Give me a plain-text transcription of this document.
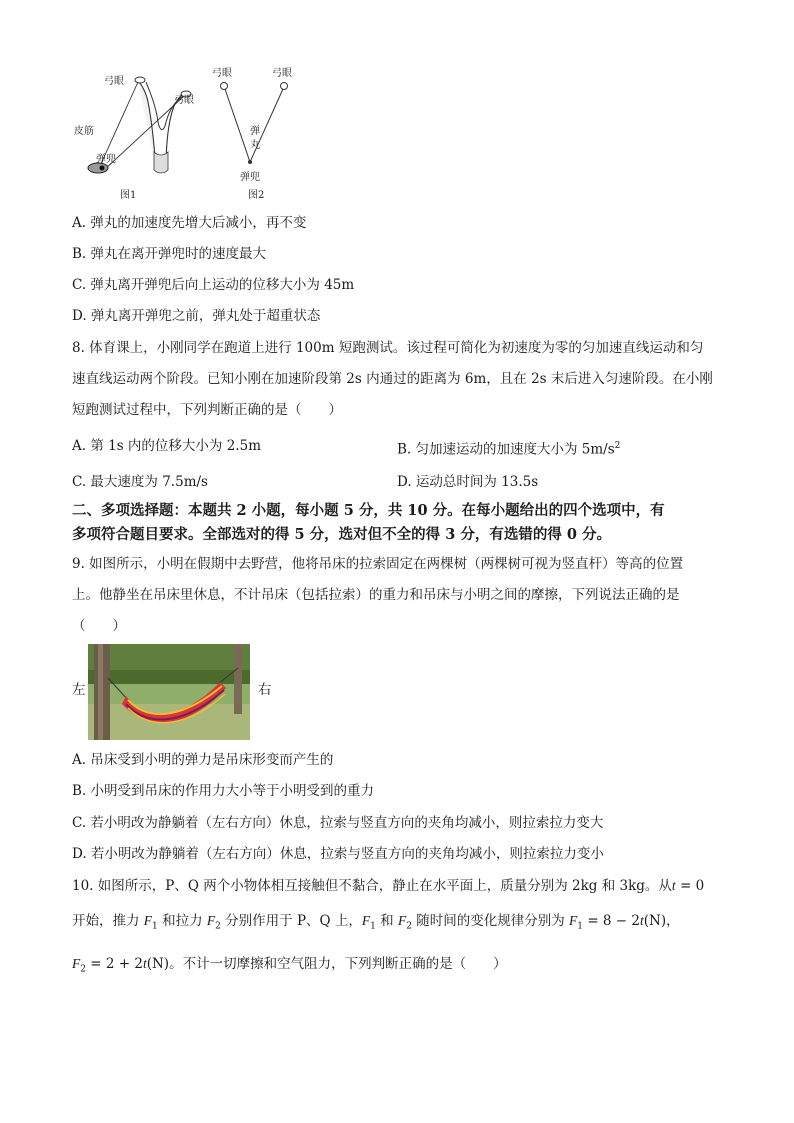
弓眼
弓眼
皮筋
弹兜
图1
弓眼	弓眼
弹
丸
弹兜
图2
A. 弹丸的加速度先增大后减小，再不变
B. 弹丸在离开弹兜时的速度最大
C. 弹丸离开弹兜后向上运动的位移大小为 45m
D. 弹丸离开弹兜之前，弹丸处于超重状态
8. 体育课上，小刚同学在跑道上进行 100m 短跑测试。该过程可简化为初速度为零的匀加速直线运动和匀
速直线运动两个阶段。已知小刚在加速阶段第 2s 内通过的距离为 6m，且在 2s 末后进入匀速阶段。在小刚
短跑测试过程中，下列判断正确的是（　　）
A. 第 1s 内的位移大小为 2.5m	B. 匀加速运动的加速度大小为 $5m/s^2$
C. 最大速度为 7.5m/s	D. 运动总时间为 13.5s
二、多项选择题：本题共 2 小题，每小题 5 分，共 10 分。在每小题给出的四个选项中，有
多项符合题目要求。全部选对的得 5 分，选对但不全的得 3 分，有选错的得 0 分。
9. 如图所示，小明在假期中去野营，他将吊床的拉索固定在两棵树（两棵树可视为竖直杆）等高的位置
上。他静坐在吊床里休息，不计吊床（包括拉索）的重力和吊床与小明之间的摩擦，下列说法正确的是
（　　）
左	右
A. 吊床受到小明的弹力是吊床形变而产生的
B. 小明受到吊床的作用力大小等于小明受到的重力
C. 若小明改为静躺着（左右方向）休息，拉索与竖直方向的夹角均减小，则拉索拉力变大
D. 若小明改为静躺着（左右方向）休息，拉索与竖直方向的夹角均减小，则拉索拉力变小
10. 如图所示，P、Q 两个小物体相互接触但不黏合，静止在水平面上，质量分别为 2kg 和 3kg。从t = 0
开始，推力 $F_1$ 和拉力 $F_2$ 分别作用于 P、Q 上，$F_1$ 和 $F_2$ 随时间的变化规律分别为 $F_1 = 8 - 2t(N)$，
$F_2 = 2 + 2t(N)$。不计一切摩擦和空气阻力，下列判断正确的是（　　）
